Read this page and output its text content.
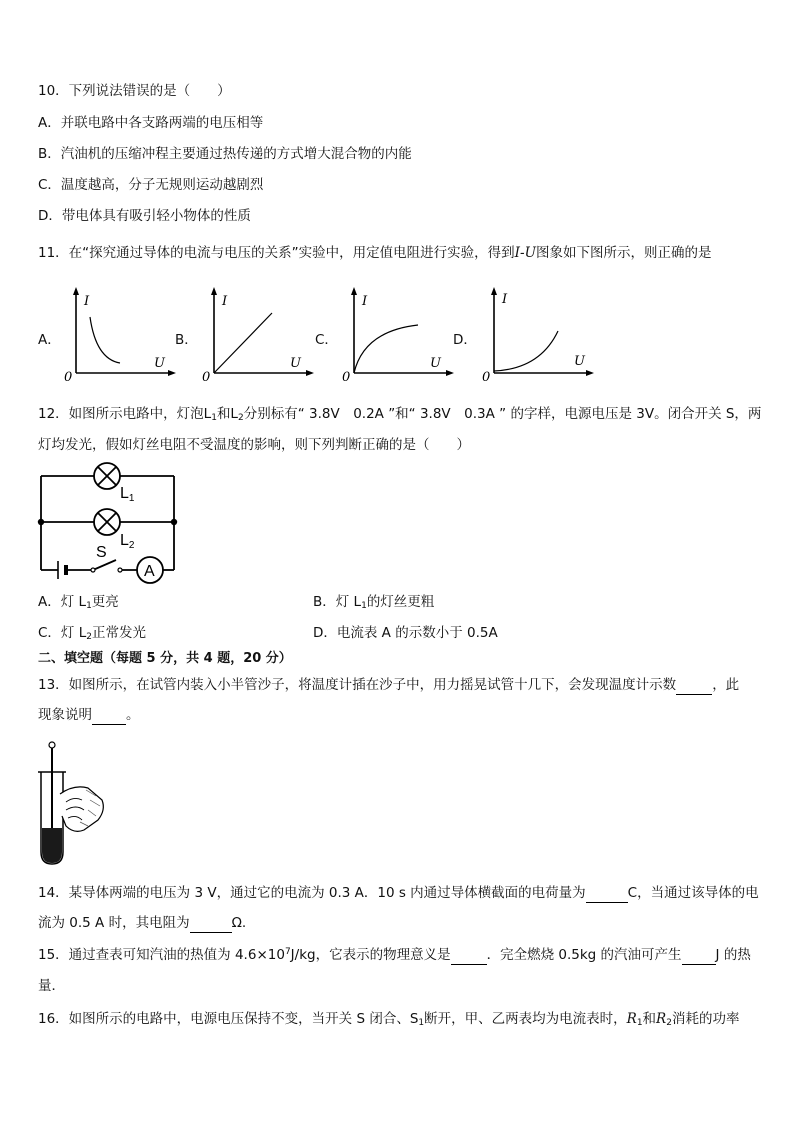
10．下列说法错误的是（　　）
A．并联电路中各支路两端的电压相等
B．汽油机的压缩冲程主要通过热传递的方式增大混合物的内能
C．温度越高，分子无规则运动越剧烈
D．带电体具有吸引轻小物体的性质
11．在“探究通过导体的电流与电压的关系”实验中，用定值电阻进行实验，得到I-U图象如下图所示，则正确的是
A．
I
U
0
B．
I
U
0
C．
I
U
0
D．
I
U
0
12．如图所示电路中，灯泡$L_1$和$L_2$分别标有“ 3.8V　0.2A ”和“ 3.8V　0.3A ” 的字样，电源电压是 3V。闭合开关 S，两
灯均发光，假如灯丝电阻不受温度的影响，则下列判断正确的是（　　）
L1
L2
S
A
A．灯 $L_1$更亮	B．灯 $L_1$的灯丝更粗
C．灯 $L_2$正常发光	D．电流表 A 的示数小于 0.5A
二、填空题（每题 5 分，共 4 题，20 分）
13．如图所示，在试管内装入小半管沙子，将温度计插在沙子中，用力摇晃试管十几下，会发现温度计示数	，此
现象说明	。
14．某导体两端的电压为 3 V，通过它的电流为 0.3 A．10 s 内通过导体横截面的电荷量为	C，当通过该导体的电
流为 0.5 A 时，其电阻为	Ω.
15．通过查表可知汽油的热值为 $4.6\times 10^7J/kg$，它表示的物理意义是	．完全燃烧 0.5kg 的汽油可产生	J 的热
量．
16．如图所示的电路中，电源电压保持不变，当开关 S 闭合、$S_1$断开，甲、乙两表均为电流表时，$R_1$和$R_2$消耗的功率
